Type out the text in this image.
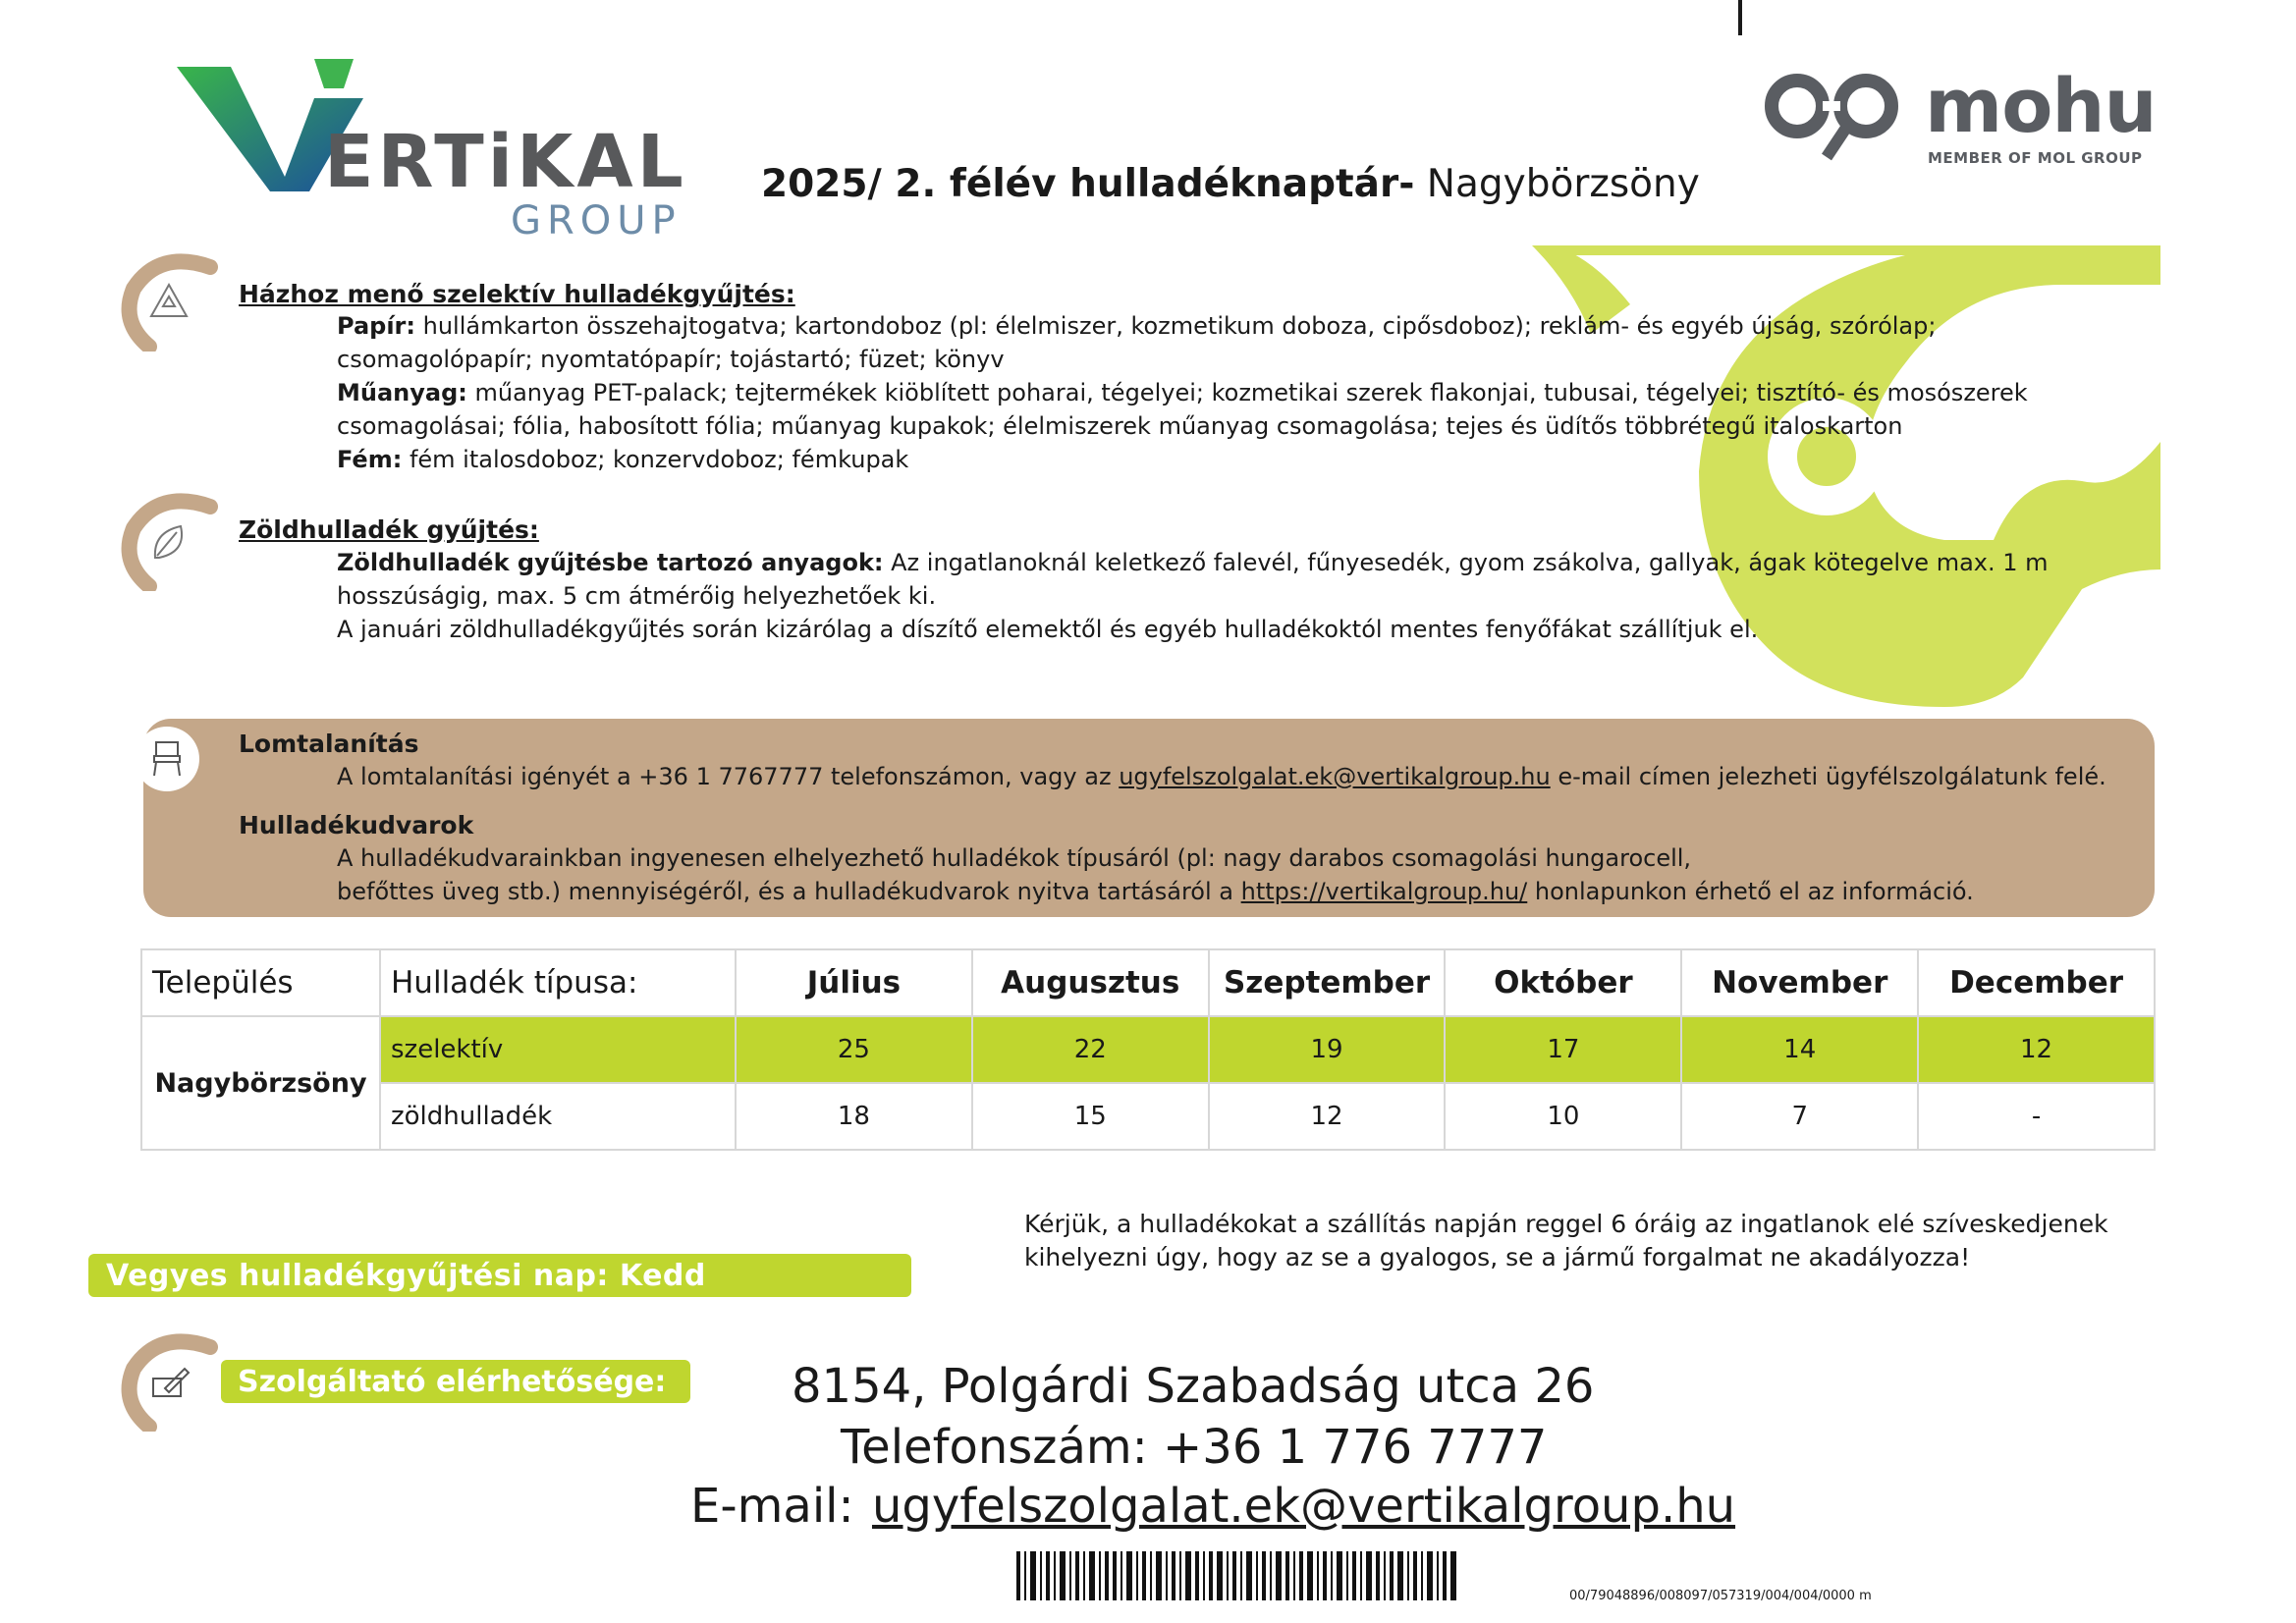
ERTiKAL
GROUP
mohu
MEMBER OF MOL GROUP
2025/ 2. félév hulladéknaptár- Nagybörzsöny
Házhoz menő szelektív hulladékgyűjtés:
Papír: hullámkarton összehajtogatva; kartondoboz (pl: élelmiszer, kozmetikum doboza, cipősdoboz); reklám- és egyéb újság, szórólap; csomagolópapír; nyomtatópapír; tojástartó; füzet; könyv
Műanyag: műanyag PET-palack; tejtermékek kiöblített poharai, tégelyei; kozmetikai szerek flakonjai, tubusai, tégelyei; tisztító- és mosószerek csomagolásai; fólia, habosított fólia; műanyag kupakok; élelmiszerek műanyag csomagolása; tejes és üdítős többrétegű italoskarton
Fém: fém italosdoboz; konzervdoboz; fémkupak
Zöldhulladék gyűjtés:
Zöldhulladék gyűjtésbe tartozó anyagok: Az ingatlanoknál keletkező falevél, fűnyesedék, gyom zsákolva, gallyak, ágak kötegelve max. 1 m hosszúságig, max. 5 cm átmérőig helyezhetőek ki.
A januári zöldhulladékgyűjtés során kizárólag a díszítő elemektől és egyéb hulladékoktól mentes fenyőfákat szállítjuk el.
Lomtalanítás
A lomtalanítási igényét a +36 1 7767777 telefonszámon, vagy az ugyfelszolgalat.ek@vertikalgroup.hu e-mail címen jelezheti ügyfélszolgálatunk felé.
Hulladékudvarok
A hulladékudvarainkban ingyenesen elhelyezhető hulladékok típusáról (pl: nagy darabos csomagolási hungarocell,
befőttes üveg stb.) mennyiségéről, és a hulladékudvarok nyitva tartásáról a https://vertikalgroup.hu/ honlapunkon érhető el az információ.
Település	Hulladék típusa:	Július	Augusztus	Szeptember	Október	November	December
Nagybörzsöny	szelektív	25	22	19	17	14	12
	zöldhulladék	18	15	12	10	7	-
Kérjük, a hulladékokat a szállítás napján reggel 6 óráig az ingatlanok elé szíveskedjenek kihelyezni úgy, hogy az se a gyalogos, se a jármű forgalmat ne akadályozza!
Vegyes hulladékgyűjtési nap: Kedd
Szolgáltató elérhetősége:	8154, Polgárdi Szabadság utca 26
Telefonszám: +36 1 776 7777
E-mail: ugyfelszolgalat.ek@vertikalgroup.hu
00/79048896/008097/057319/004/004/0000 m
